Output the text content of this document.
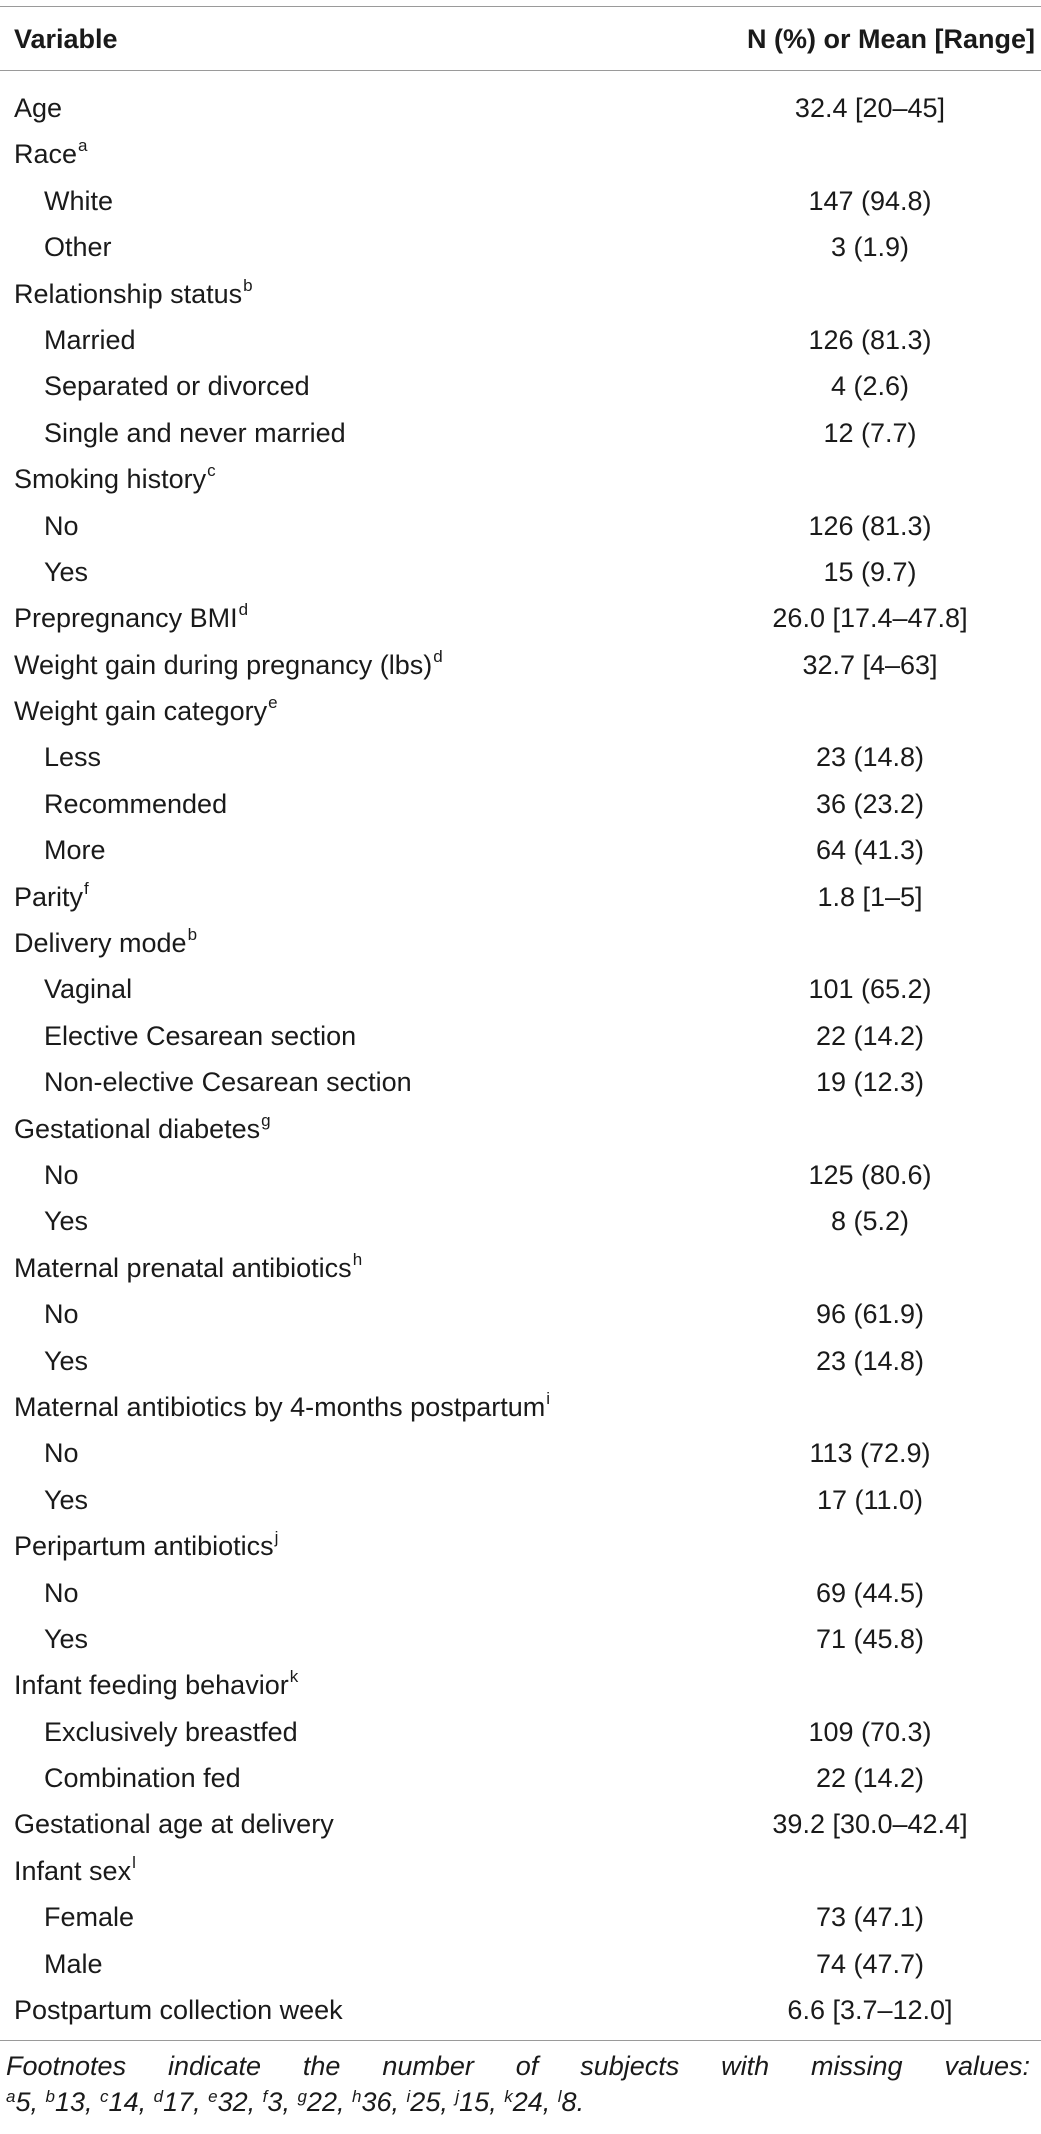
Variable	N (%) or Mean [Range]
Age	32.4 [20–45]
Race$^a$
White	147 (94.8)
Other	3 (1.9)
Relationship status$^b$
Married	126 (81.3)
Separated or divorced	4 (2.6)
Single and never married	12 (7.7)
Smoking history$^c$
No	126 (81.3)
Yes	15 (9.7)
Prepregnancy BMI$^d$	26.0 [17.4–47.8]
Weight gain during pregnancy (lbs)$^d$	32.7 [4–63]
Weight gain category$^e$
Less	23 (14.8)
Recommended	36 (23.2)
More	64 (41.3)
Parity$^f$	1.8 [1–5]
Delivery mode$^b$
Vaginal	101 (65.2)
Elective Cesarean section	22 (14.2)
Non-elective Cesarean section	19 (12.3)
Gestational diabetes$^g$
No	125 (80.6)
Yes	8 (5.2)
Maternal prenatal antibiotics$^h$
No	96 (61.9)
Yes	23 (14.8)
Maternal antibiotics by 4-months postpartum$^i$
No	113 (72.9)
Yes	17 (11.0)
Peripartum antibiotics$^j$
No	69 (44.5)
Yes	71 (45.8)
Infant feeding behavior$^k$
Exclusively breastfed	109 (70.3)
Combination fed	22 (14.2)
Gestational age at delivery	39.2 [30.0–42.4]
Infant sex$^l$
Female	73 (47.1)
Male	74 (47.7)
Postpartum collection week	6.6 [3.7–12.0]
Footnotes indicate the number of subjects with missing values:
$^a$5, $^b$13, $^c$14, $^d$17, $^e$32, $^f$3, $^g$22, $^h$36, $^i$25, $^j$15, $^k$24, $^l$8.
